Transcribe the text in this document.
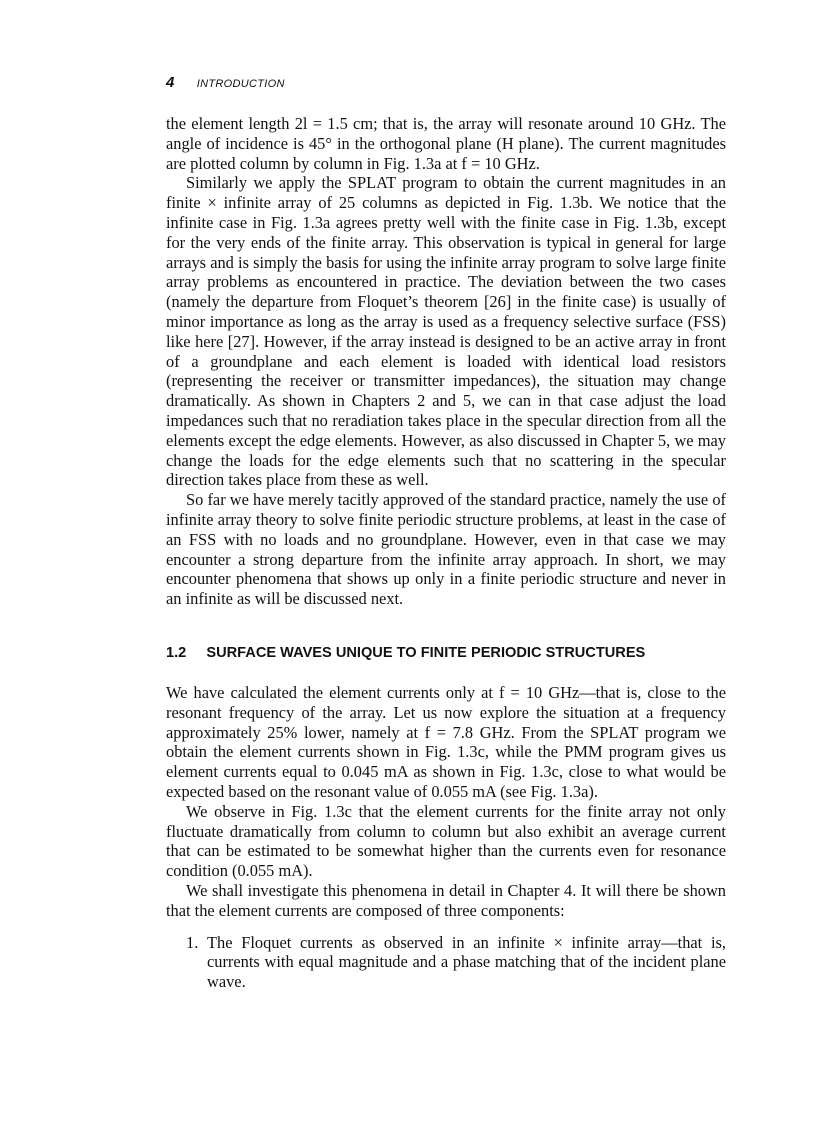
4 INTRODUCTION

the element length 2l = 1.5 cm; that is, the array will resonate around 10 GHz. The angle of incidence is 45° in the orthogonal plane (H plane). The current magnitudes are plotted column by column in Fig. 1.3a at f = 10 GHz.

Similarly we apply the SPLAT program to obtain the current magnitudes in an finite × infinite array of 25 columns as depicted in Fig. 1.3b. We notice that the infinite case in Fig. 1.3a agrees pretty well with the finite case in Fig. 1.3b, except for the very ends of the finite array. This observation is typical in general for large arrays and is simply the basis for using the infinite array program to solve large finite array problems as encountered in practice. The deviation between the two cases (namely the departure from Floquet’s theorem [26] in the finite case) is usually of minor importance as long as the array is used as a frequency selective surface (FSS) like here [27]. However, if the array instead is designed to be an active array in front of a groundplane and each element is loaded with identical load resistors (representing the receiver or transmitter impedances), the situation may change dramatically. As shown in Chapters 2 and 5, we can in that case adjust the load impedances such that no reradiation takes place in the specular direction from all the elements except the edge elements. However, as also discussed in Chapter 5, we may change the loads for the edge elements such that no scattering in the specular direction takes place from these as well.

So far we have merely tacitly approved of the standard practice, namely the use of infinite array theory to solve finite periodic structure problems, at least in the case of an FSS with no loads and no groundplane. However, even in that case we may encounter a strong departure from the infinite array approach. In short, we may encounter phenomena that shows up only in a finite periodic structure and never in an infinite as will be discussed next.

1.2 SURFACE WAVES UNIQUE TO FINITE PERIODIC STRUCTURES

We have calculated the element currents only at f = 10 GHz—that is, close to the resonant frequency of the array. Let us now explore the situation at a frequency approximately 25% lower, namely at f = 7.8 GHz. From the SPLAT program we obtain the element currents shown in Fig. 1.3c, while the PMM program gives us element currents equal to 0.045 mA as shown in Fig. 1.3c, close to what would be expected based on the resonant value of 0.055 mA (see Fig. 1.3a).

We observe in Fig. 1.3c that the element currents for the finite array not only fluctuate dramatically from column to column but also exhibit an average current that can be estimated to be somewhat higher than the currents even for resonance condition (0.055 mA).

We shall investigate this phenomena in detail in Chapter 4. It will there be shown that the element currents are composed of three components:

1. The Floquet currents as observed in an infinite × infinite array—that is, currents with equal magnitude and a phase matching that of the incident plane wave.
